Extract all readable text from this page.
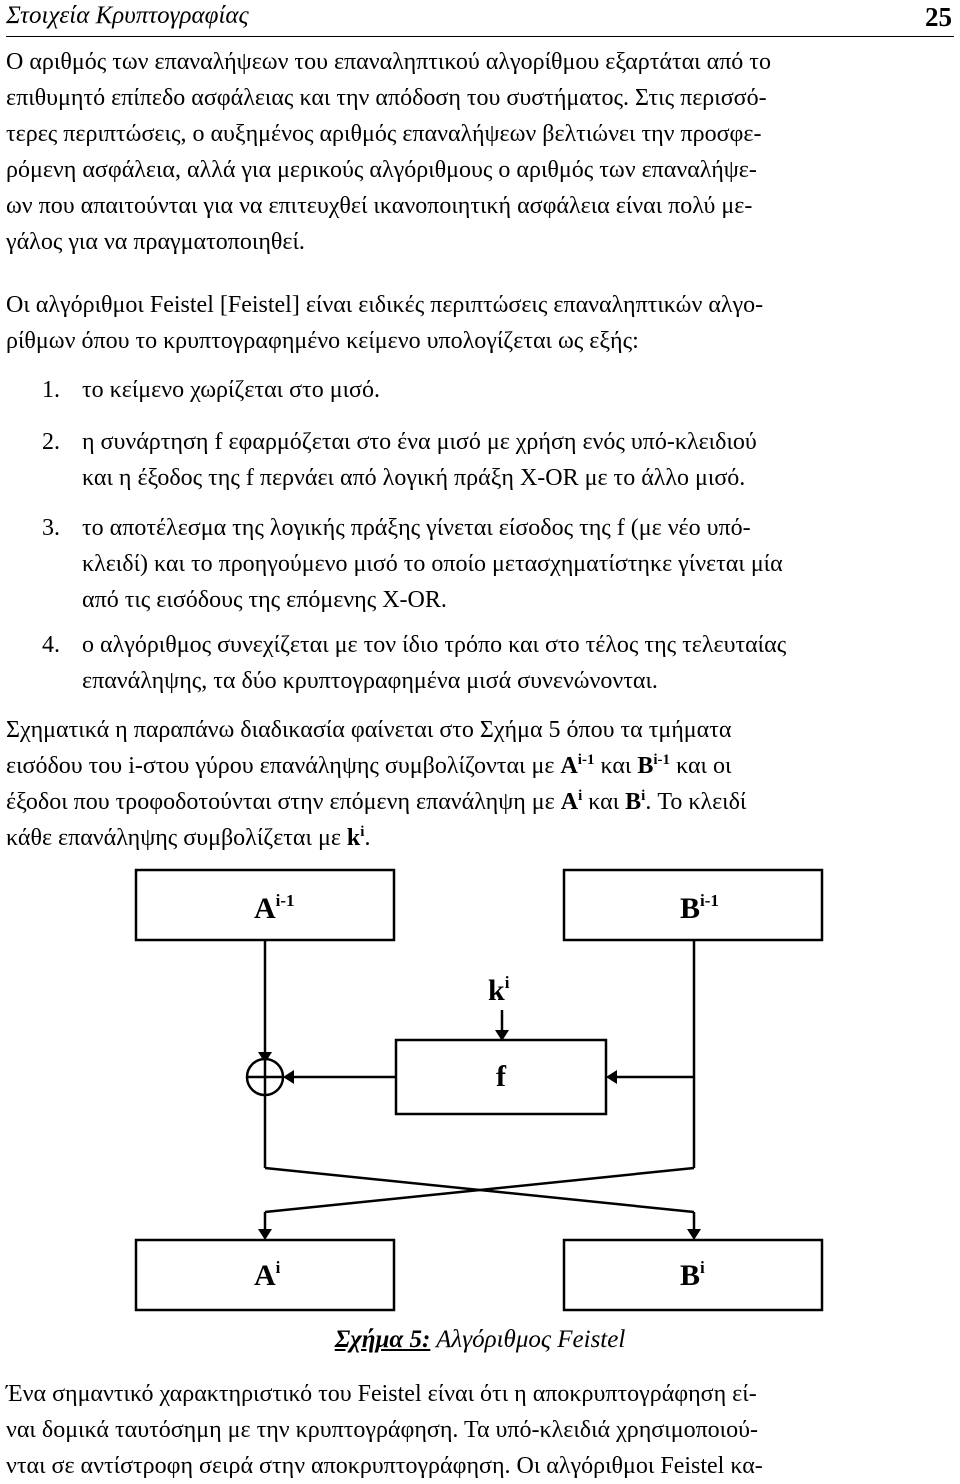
Στοιχεία Κρυπτογραφίας	25

Ο αριθμός των επαναλήψεων του επαναληπτικού αλγορίθμου εξαρτάται από το

επιθυμητό επίπεδο ασφάλειας και την απόδοση του συστήματος. Στις περισσό-

τερες περιπτώσεις, ο αυξημένος αριθμός επαναλήψεων βελτιώνει την προσφε-

ρόμενη ασφάλεια, αλλά για μερικούς αλγόριθμους ο αριθμός των επαναλήψε-

ων που απαιτούνται για να επιτευχθεί ικανοποιητική ασφάλεια είναι πολύ με-

γάλος για να πραγματοποιηθεί.

Οι αλγόριθμοι Feistel [Feistel] είναι ειδικές περιπτώσεις επαναληπτικών αλγο-

ρίθμων όπου το κρυπτογραφημένο κείμενο υπολογίζεται ως εξής:

1. το κείμενο χωρίζεται στο μισό.
2. η συνάρτηση f εφαρμόζεται στο ένα μισό με χρήση ενός υπό-κλειδιού
και η έξοδος της f περνάει από λογική πράξη X-OR με το άλλο μισό.
3. το αποτέλεσμα της λογικής πράξης γίνεται είσοδος της f (με νέο υπό-
κλειδί) και το προηγούμενο μισό το οποίο μετασχηματίστηκε γίνεται μία
από τις εισόδους της επόμενης X-OR.
4. ο αλγόριθμος συνεχίζεται με τον ίδιο τρόπο και στο τέλος της τελευταίας
επανάληψης, τα δύο κρυπτογραφημένα μισά συνενώνονται.

Σχηματικά η παραπάνω διαδικασία φαίνεται στο Σχήμα 5 όπου τα τμήματα

εισόδου του i-στου γύρου επανάληψης συμβολίζονται με $A^{i-1}$ και $B^{i-1}$ και οι

έξοδοι που τροφοδοτούνται στην επόμενη επανάληψη με $A^i$ και $B^i$. Το κλειδί

κάθε επανάληψης συμβολίζεται με $k^i$.

$A^{i-1}$	$B^{i-1}$
$A^i$	$B^i$
f
$k^i$
Σχήμα 5: Αλγόριθμος Feistel

Ένα σημαντικό χαρακτηριστικό του Feistel είναι ότι η αποκρυπτογράφηση εί-

ναι δομικά ταυτόσημη με την κρυπτογράφηση. Τα υπό-κλειδιά χρησιμοποιού-

νται σε αντίστροφη σειρά στην αποκρυπτογράφηση. Οι αλγόριθμοι Feistel κα-
